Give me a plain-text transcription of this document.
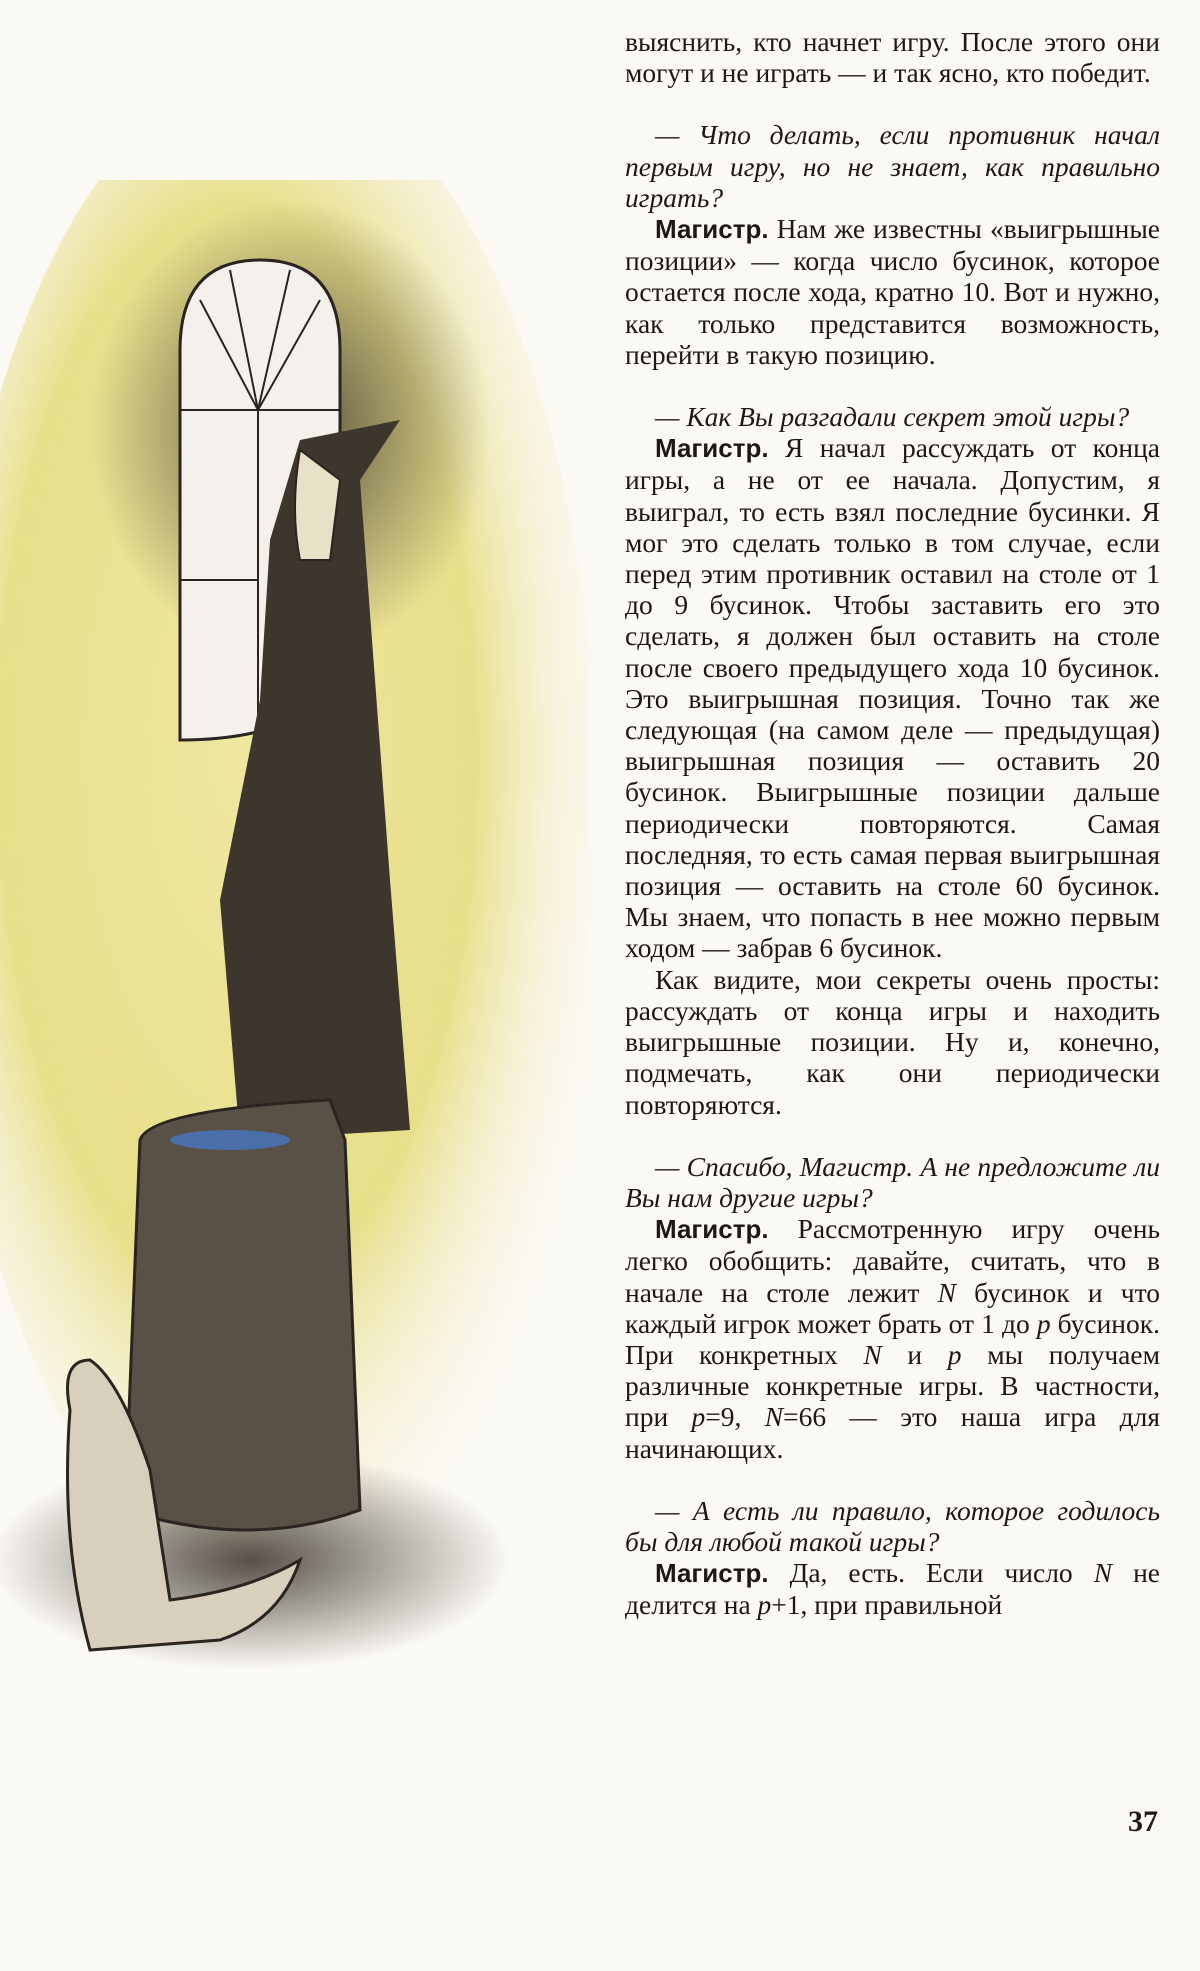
выяснить, кто начнет игру. После этого они могут и не играть — и так ясно, кто победит.

— Что делать, если противник начал первым игру, но не знает, как правильно играть?

Магистр. Нам же известны «выигрышные позиции» — когда число бусинок, которое остается после хода, кратно 10. Вот и нужно, как только представится возможность, перейти в такую позицию.

— Как Вы разгадали секрет этой игры?

Магистр. Я начал рассуждать от конца игры, а не от ее начала. Допустим, я выиграл, то есть взял последние бусинки. Я мог это сделать только в том случае, если перед этим противник оставил на столе от 1 до 9 бусинок. Чтобы заставить его это сделать, я должен был оставить на столе после своего предыдущего хода 10 бусинок. Это выигрышная позиция. Точно так же следующая (на самом деле — предыдущая) выигрышная позиция — оставить 20 бусинок. Выигрышные позиции дальше периодически повторяются. Самая последняя, то есть самая первая выигрышная позиция — оставить на столе 60 бусинок. Мы знаем, что попасть в нее можно первым ходом — забрав 6 бусинок.

Как видите, мои секреты очень просты: рассуждать от конца игры и находить выигрышные позиции. Ну и, конечно, подмечать, как они периодически повторяются.

— Спасибо, Магистр. А не предложите ли Вы нам другие игры?

Магистр. Рассмотренную игру очень легко обобщить: давайте, считать, что в начале на столе лежит N бусинок и что каждый игрок может брать от 1 до p бусинок. При конкретных N и p мы получаем различные конкретные игры. В частности, при p=9, N=66 — это наша игра для начинающих.

— А есть ли правило, которое годилось бы для любой такой игры?

Магистр. Да, есть. Если число N не делится на p+1, при правильной

37
